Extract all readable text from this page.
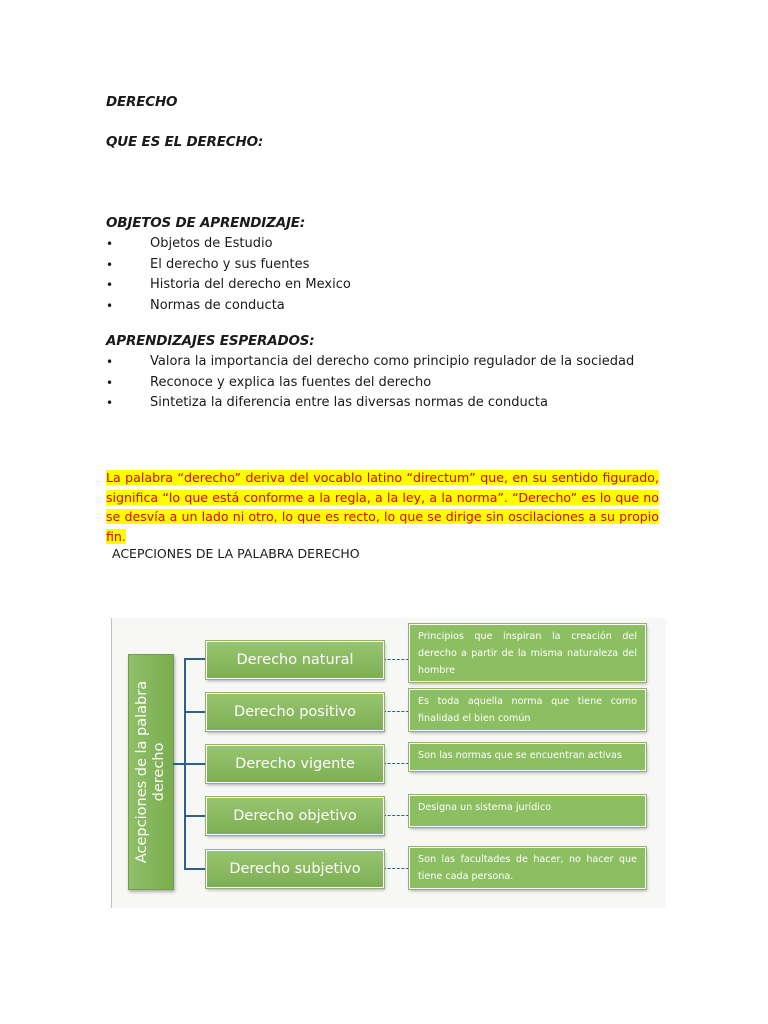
DERECHO
QUE ES EL DERECHO:
OBJETOS DE APRENDIZAJE:
•	Objetos de Estudio
•	El derecho y sus fuentes
•	Historia del derecho en Mexico
•	Normas de conducta
APRENDIZAJES ESPERADOS:
•	Valora la importancia del derecho como principio regulador de la sociedad
•	Reconoce y explica las fuentes del derecho
•	Sintetiza la diferencia entre las diversas normas de conducta
La palabra “derecho” deriva del vocablo latino “directum” que, en su sentido figurado, significa “lo que está conforme a la regla, a la ley, a la norma”. “Derecho” es lo que no se desvía a un lado ni otro, lo que es recto, lo que se dirige sin oscilaciones a su propio fin.
ACEPCIONES DE LA PALABRA DERECHO
Acepciones de la palabra derecho
Derecho natural
Derecho positivo
Derecho vigente
Derecho objetivo
Derecho subjetivo
Principios que inspiran la creación del derecho a partir de la misma naturaleza del hombre
Es toda aquella norma que tiene como finalidad el bien común
Son las normas que se encuentran activas
Designa un sistema jurídico
Son las facultades de hacer, no hacer que tiene cada persona.
